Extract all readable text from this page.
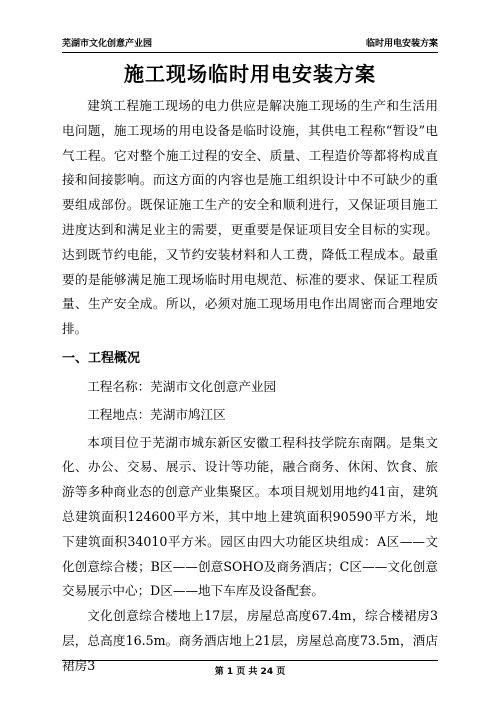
芜湖市文化创意产业园	临时用电安装方案
施工现场临时用电安装方案

建筑工程施工现场的电力供应是解决施工现场的生产和生活用电问题，施工现场的用电设备是临时设施，其供电工程称“暂设”电气工程。它对整个施工过程的安全、质量、工程造价等都将构成直接和间接影响。而这方面的内容也是施工组织设计中不可缺少的重要组成部份。既保证施工生产的安全和顺利进行，又保证项目施工进度达到和满足业主的需要，更重要是保证项目安全目标的实现。达到既节约电能，又节约安装材料和人工费，降低工程成本。最重要的是能够满足施工现场临时用电规范、标准的要求、保证工程质量、生产安全成。所以，必须对施工现场用电作出周密而合理地安排。

一、工程概况

工程名称：芜湖市文化创意产业园

工程地点：芜湖市鸠江区

本项目位于芜湖市城东新区安徽工程科技学院东南隅。是集文化、办公、交易、展示、设计等功能，融合商务、休闲、饮食、旅游等多种商业态的创意产业集聚区。本项目规划用地约41亩，建筑总建筑面积124600平方米，其中地上建筑面积90590平方米，地下建筑面积34010平方米。园区由四大功能区块组成：A区——文化创意综合楼；B区——创意SOHO及商务酒店；C区——文化创意交易展示中心；D区——地下车库及设备配套。

文化创意综合楼地上17层，房屋总高度67.4m，综合楼裙房3层，总高度16.5m。商务酒店地上21层，房屋总高度73.5m，酒店裙房3	第 1 页 共 24 页
